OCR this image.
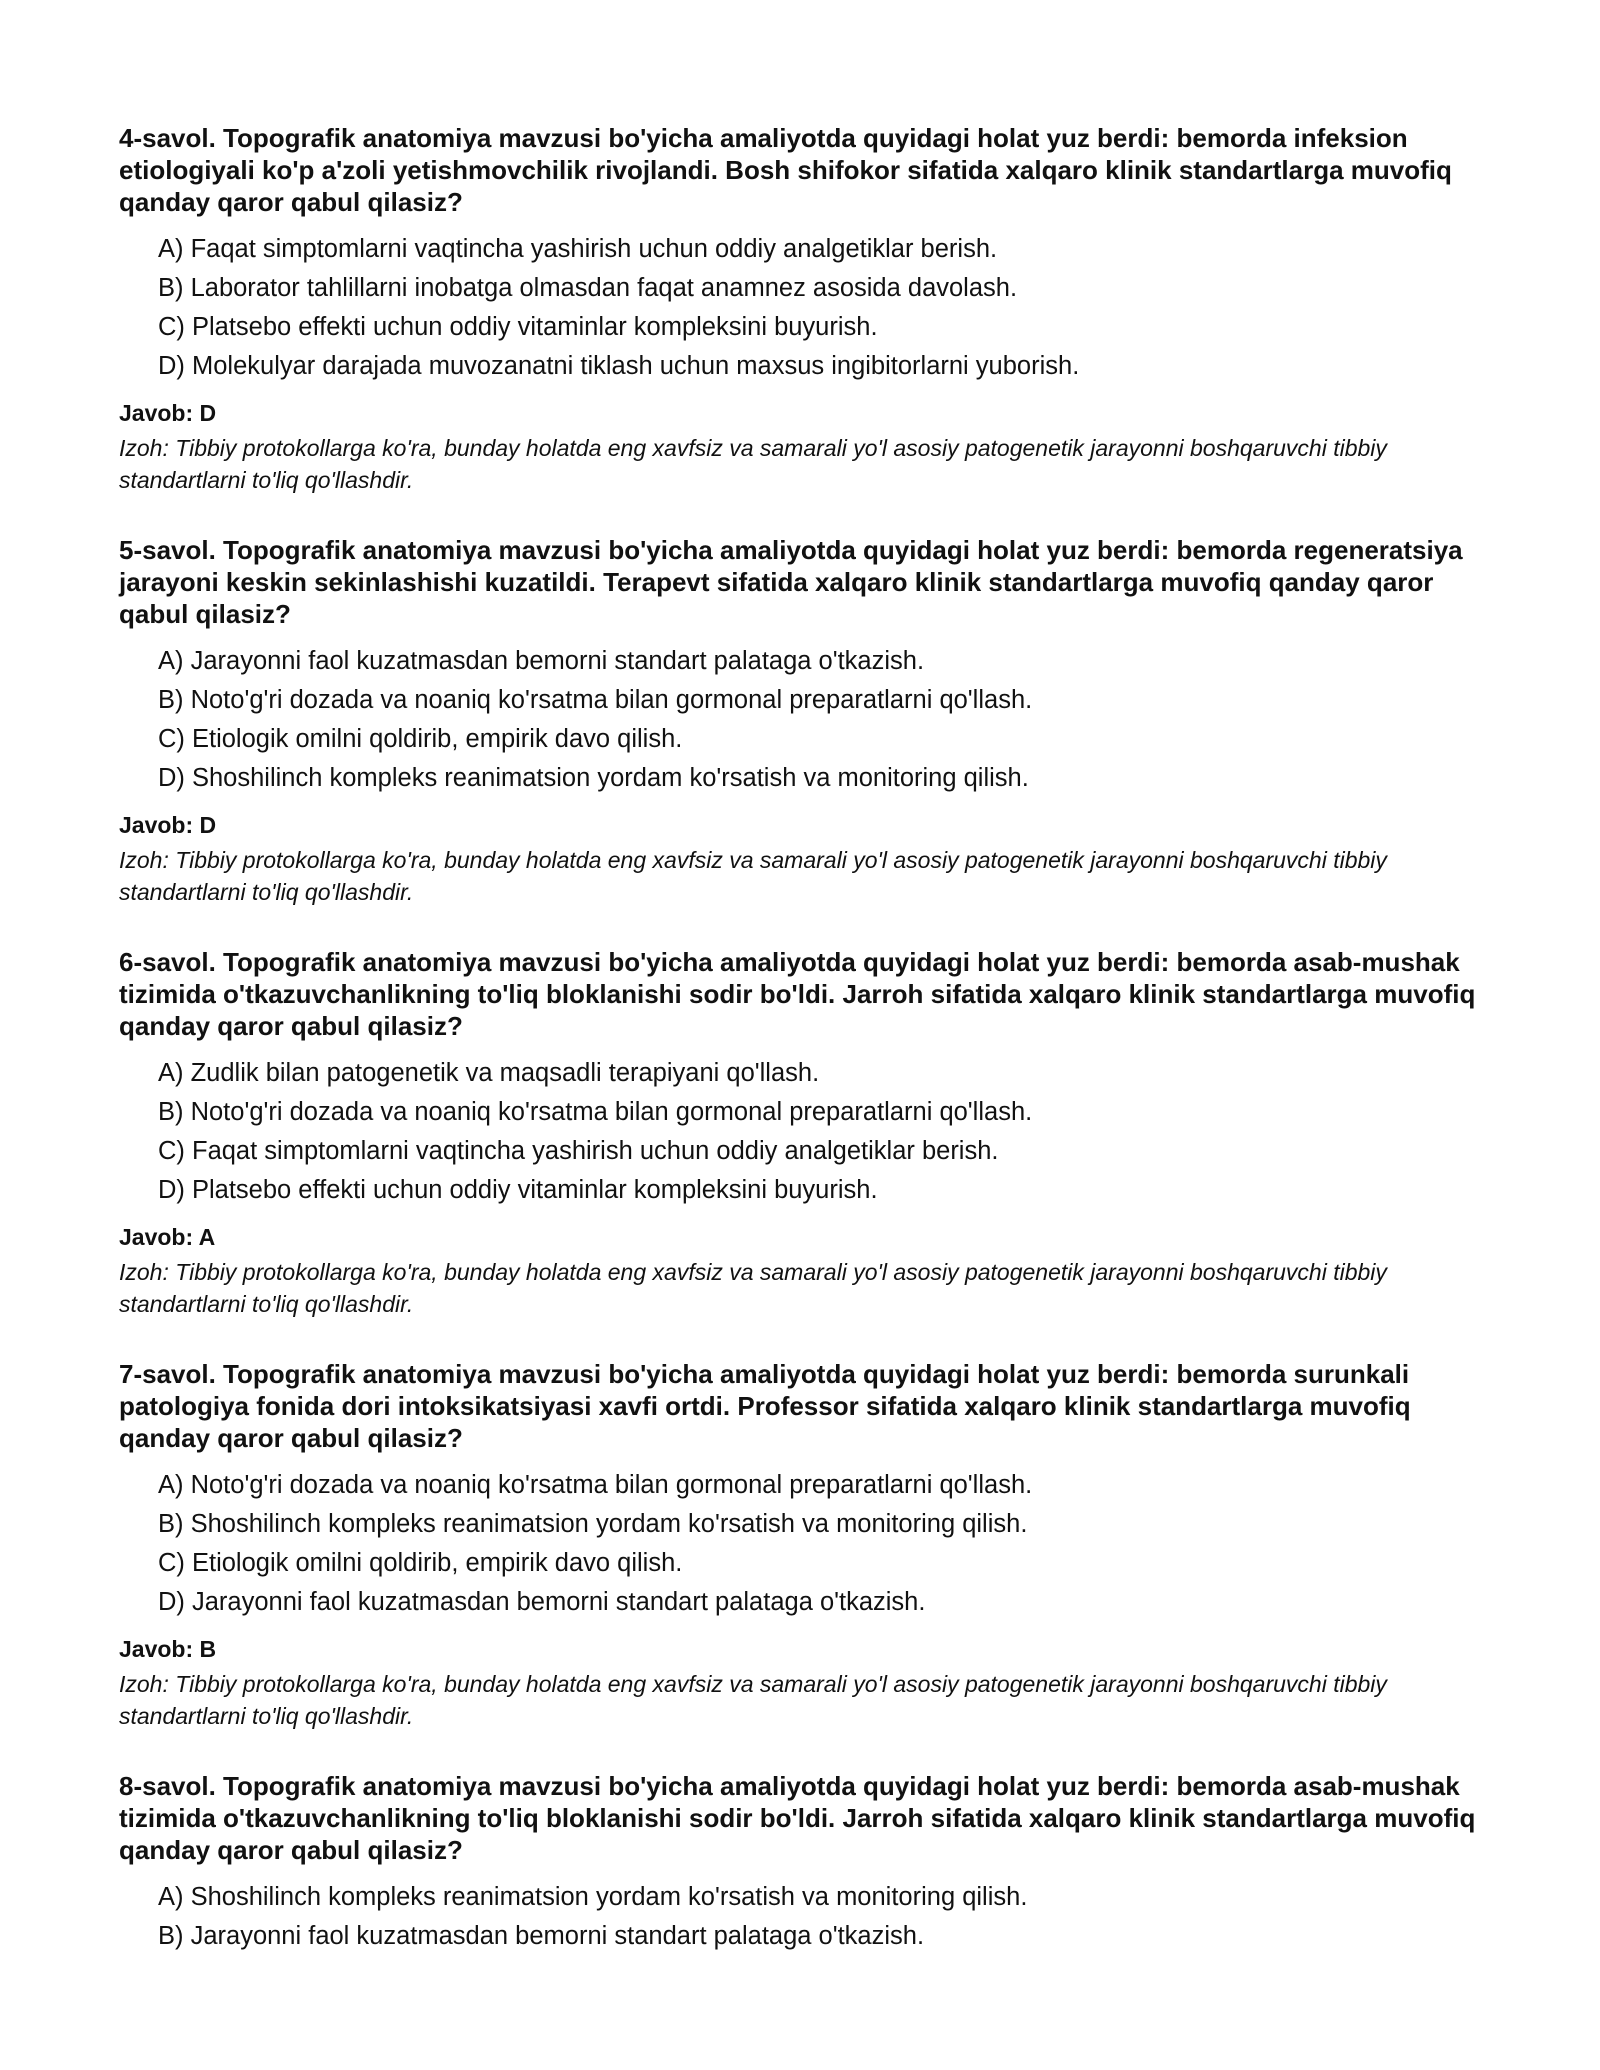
4-savol. Topografik anatomiya mavzusi bo'yicha amaliyotda quyidagi holat yuz berdi: bemorda infeksion etiologiyali ko'p a'zoli yetishmovchilik rivojlandi. Bosh shifokor sifatida xalqaro klinik standartlarga muvofiq qanday qaror qabul qilasiz?

A) Faqat simptomlarni vaqtincha yashirish uchun oddiy analgetiklar berish.
B) Laborator tahlillarni inobatga olmasdan faqat anamnez asosida davolash.
C) Platsebo effekti uchun oddiy vitaminlar kompleksini buyurish.
D) Molekulyar darajada muvozanatni tiklash uchun maxsus ingibitorlarni yuborish.

Javob: D

Izoh: Tibbiy protokollarga ko'ra, bunday holatda eng xavfsiz va samarali yo'l asosiy patogenetik jarayonni boshqaruvchi tibbiy standartlarni to'liq qo'llashdir.

5-savol. Topografik anatomiya mavzusi bo'yicha amaliyotda quyidagi holat yuz berdi: bemorda regeneratsiya jarayoni keskin sekinlashishi kuzatildi. Terapevt sifatida xalqaro klinik standartlarga muvofiq qanday qaror qabul qilasiz?

A) Jarayonni faol kuzatmasdan bemorni standart palataga o'tkazish.
B) Noto'g'ri dozada va noaniq ko'rsatma bilan gormonal preparatlarni qo'llash.
C) Etiologik omilni qoldirib, empirik davo qilish.
D) Shoshilinch kompleks reanimatsion yordam ko'rsatish va monitoring qilish.

Javob: D

Izoh: Tibbiy protokollarga ko'ra, bunday holatda eng xavfsiz va samarali yo'l asosiy patogenetik jarayonni boshqaruvchi tibbiy standartlarni to'liq qo'llashdir.

6-savol. Topografik anatomiya mavzusi bo'yicha amaliyotda quyidagi holat yuz berdi: bemorda asab-mushak tizimida o'tkazuvchanlikning to'liq bloklanishi sodir bo'ldi. Jarroh sifatida xalqaro klinik standartlarga muvofiq qanday qaror qabul qilasiz?

A) Zudlik bilan patogenetik va maqsadli terapiyani qo'llash.
B) Noto'g'ri dozada va noaniq ko'rsatma bilan gormonal preparatlarni qo'llash.
C) Faqat simptomlarni vaqtincha yashirish uchun oddiy analgetiklar berish.
D) Platsebo effekti uchun oddiy vitaminlar kompleksini buyurish.

Javob: A

Izoh: Tibbiy protokollarga ko'ra, bunday holatda eng xavfsiz va samarali yo'l asosiy patogenetik jarayonni boshqaruvchi tibbiy standartlarni to'liq qo'llashdir.

7-savol. Topografik anatomiya mavzusi bo'yicha amaliyotda quyidagi holat yuz berdi: bemorda surunkali patologiya fonida dori intoksikatsiyasi xavfi ortdi. Professor sifatida xalqaro klinik standartlarga muvofiq qanday qaror qabul qilasiz?

A) Noto'g'ri dozada va noaniq ko'rsatma bilan gormonal preparatlarni qo'llash.
B) Shoshilinch kompleks reanimatsion yordam ko'rsatish va monitoring qilish.
C) Etiologik omilni qoldirib, empirik davo qilish.
D) Jarayonni faol kuzatmasdan bemorni standart palataga o'tkazish.

Javob: B

Izoh: Tibbiy protokollarga ko'ra, bunday holatda eng xavfsiz va samarali yo'l asosiy patogenetik jarayonni boshqaruvchi tibbiy standartlarni to'liq qo'llashdir.

8-savol. Topografik anatomiya mavzusi bo'yicha amaliyotda quyidagi holat yuz berdi: bemorda asab-mushak tizimida o'tkazuvchanlikning to'liq bloklanishi sodir bo'ldi. Jarroh sifatida xalqaro klinik standartlarga muvofiq qanday qaror qabul qilasiz?

A) Shoshilinch kompleks reanimatsion yordam ko'rsatish va monitoring qilish.
B) Jarayonni faol kuzatmasdan bemorni standart palataga o'tkazish.
